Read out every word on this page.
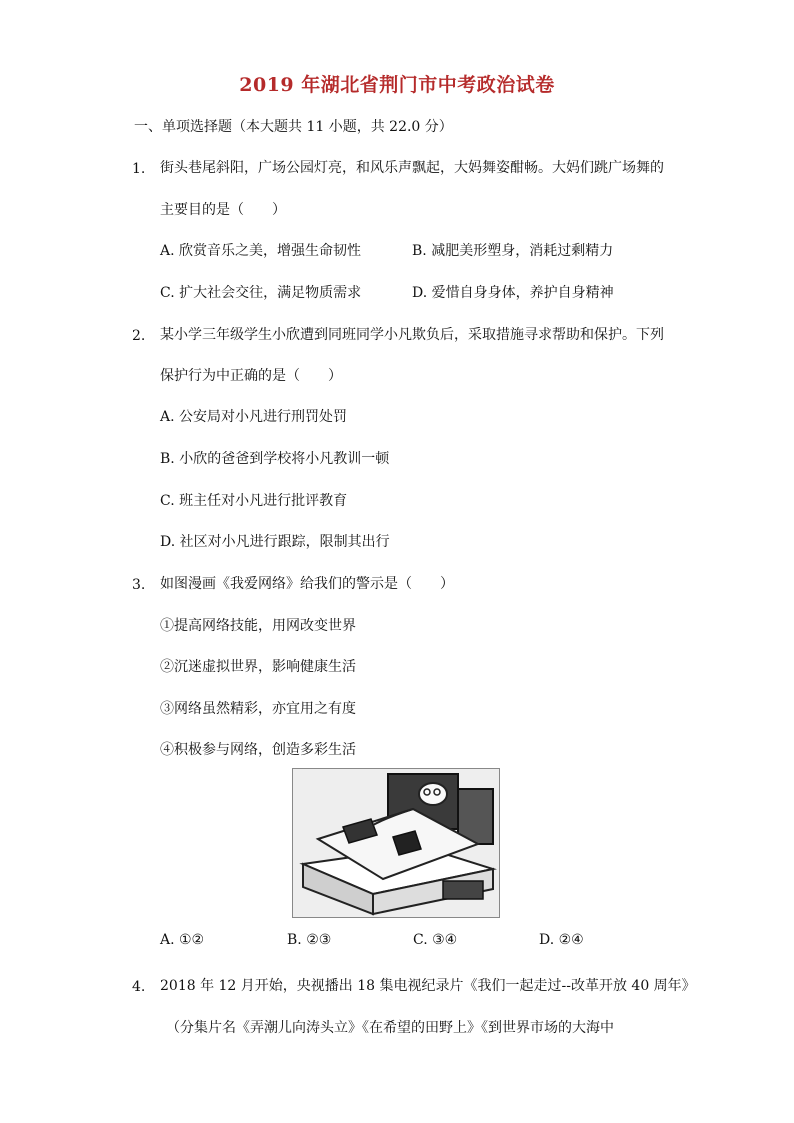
2019 年湖北省荆门市中考政治试卷
一、单项选择题（本大题共 11 小题，共 22.0 分）
1. 街头巷尾斜阳，广场公园灯亮，和风乐声飘起，大妈舞姿酣畅。大妈们跳广场舞的
主要目的是（　　）
A. 欣赏音乐之美，增强生命韧性	B. 减肥美形塑身，消耗过剩精力
C. 扩大社会交往，满足物质需求	D. 爱惜自身身体，养护自身精神
2. 某小学三年级学生小欣遭到同班同学小凡欺负后，采取措施寻求帮助和保护。下列
保护行为中正确的是（　　）
A. 公安局对小凡进行刑罚处罚
B. 小欣的爸爸到学校将小凡教训一顿
C. 班主任对小凡进行批评教育
D. 社区对小凡进行跟踪，限制其出行
3. 如图漫画《我爱网络》给我们的警示是（　　）
①提高网络技能，用网改变世界
②沉迷虚拟世界，影响健康生活
③网络虽然精彩，亦宜用之有度
④积极参与网络，创造多彩生活
A. ①②	B. ②③	C. ③④	D. ②④
4. 2018 年 12 月开始，央视播出 18 集电视纪录片《我们一起走过--改革开放 40 周年》
（分集片名《弄潮儿向涛头立》《在希望的田野上》《到世界市场的大海中
